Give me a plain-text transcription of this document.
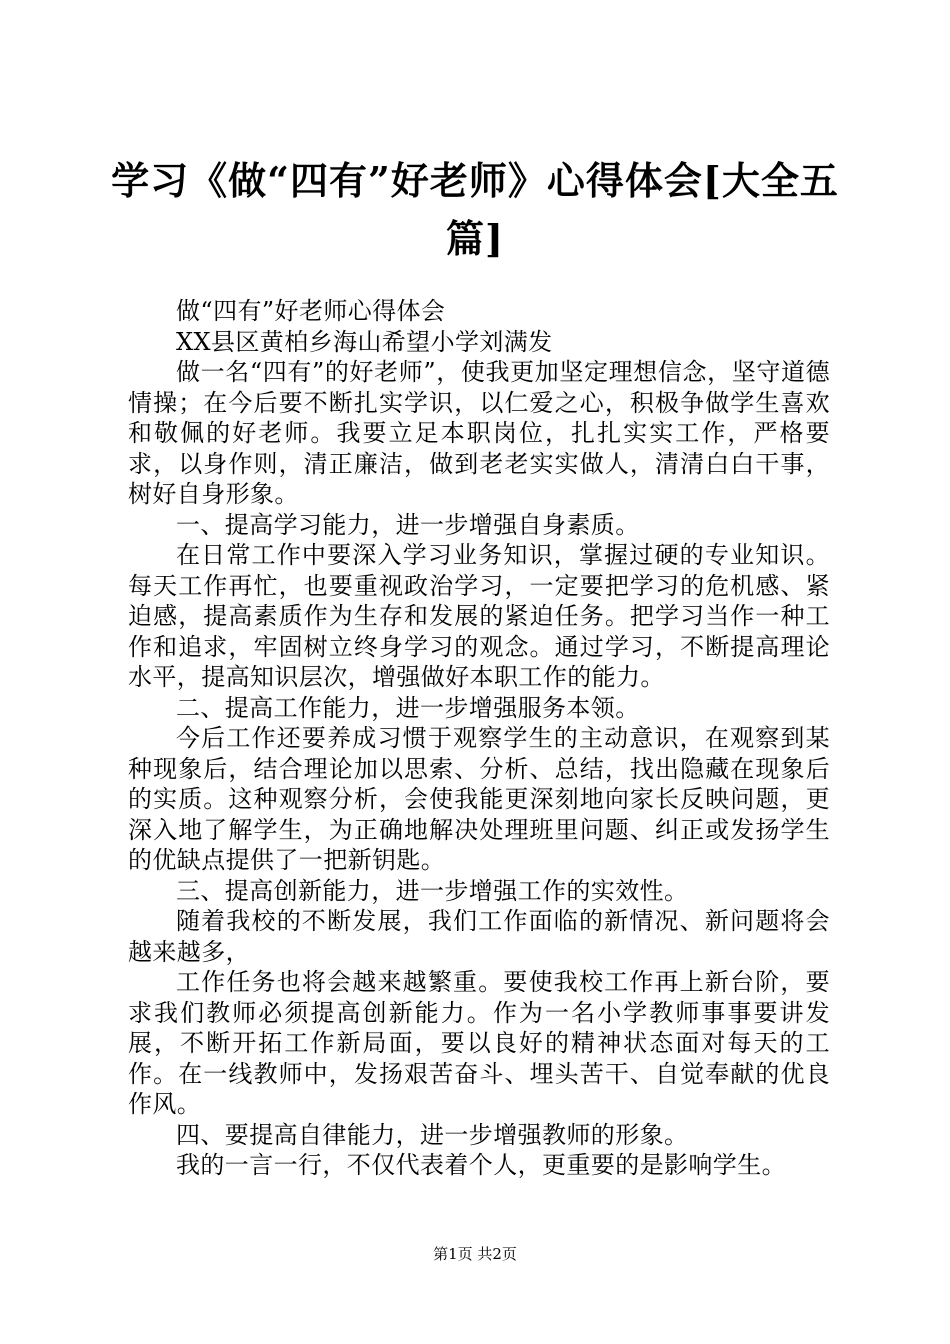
学习《做“四有”好老师》心得体会[大全五篇]

做“四有”好老师心得体会

XX县区黄柏乡海山希望小学刘满发

做一名“四有”的好老师”，使我更加坚定理想信念，坚守道德情操；在今后要不断扎实学识，以仁爱之心，积极争做学生喜欢和敬佩的好老师。我要立足本职岗位，扎扎实实工作，严格要求，以身作则，清正廉洁，做到老老实实做人，清清白白干事，树好自身形象。

一、提高学习能力，进一步增强自身素质。

在日常工作中要深入学习业务知识，掌握过硬的专业知识。每天工作再忙，也要重视政治学习，一定要把学习的危机感、紧迫感，提高素质作为生存和发展的紧迫任务。把学习当作一种工作和追求，牢固树立终身学习的观念。通过学习，不断提高理论水平，提高知识层次，增强做好本职工作的能力。

二、提高工作能力，进一步增强服务本领。

今后工作还要养成习惯于观察学生的主动意识，在观察到某种现象后，结合理论加以思索、分析、总结，找出隐藏在现象后的实质。这种观察分析，会使我能更深刻地向家长反映问题，更深入地了解学生，为正确地解决处理班里问题、纠正或发扬学生的优缺点提供了一把新钥匙。

三、提高创新能力，进一步增强工作的实效性。

随着我校的不断发展，我们工作面临的新情况、新问题将会越来越多，

工作任务也将会越来越繁重。要使我校工作再上新台阶，要求我们教师必须提高创新能力。作为一名小学教师事事要讲发展，不断开拓工作新局面，要以良好的精神状态面对每天的工作。在一线教师中，发扬艰苦奋斗、埋头苦干、自觉奉献的优良作风。

四、要提高自律能力，进一步增强教师的形象。

我的一言一行，不仅代表着个人，更重要的是影响学生。

第1页 共2页
